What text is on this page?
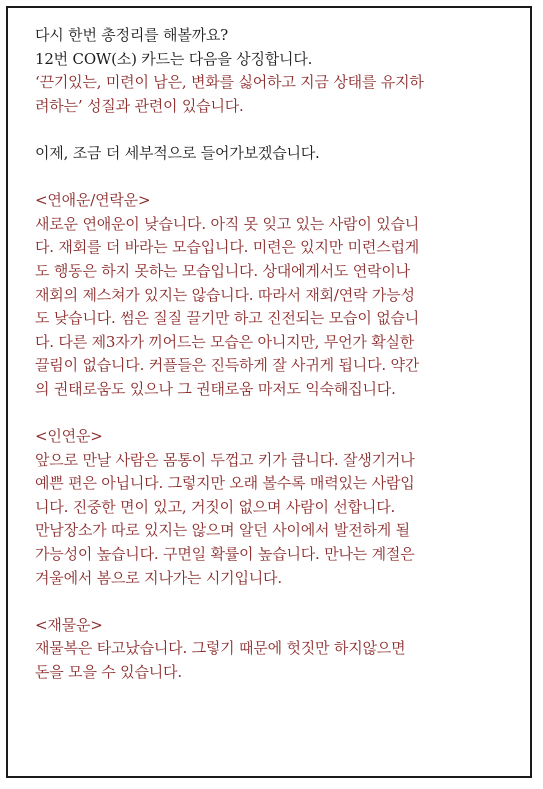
다시 한번 총정리를 해볼까요?

12번 COW(소) 카드는 다음을 상징합니다.

‘끈기있는, 미련이 남은, 변화를 싫어하고 지금 상태를 유지하

려하는’ 성질과 관련이 있습니다.

이제, 조금 더 세부적으로 들어가보겠습니다.

<연애운/연락운>

새로운 연애운이 낮습니다. 아직 못 잊고 있는 사람이 있습니

다. 재회를 더 바라는 모습입니다. 미련은 있지만 미련스럽게

도 행동은 하지 못하는 모습입니다. 상대에게서도 연락이나

재회의 제스쳐가 있지는 않습니다. 따라서 재회/연락 가능성

도 낮습니다. 썸은 질질 끌기만 하고 진전되는 모습이 없습니

다. 다른 제3자가 끼어드는 모습은 아니지만, 무언가 확실한

끌림이 없습니다. 커플들은 진득하게 잘 사귀게 됩니다. 약간

의 권태로움도 있으나 그 권태로움 마저도 익숙해집니다.

<인연운>

앞으로 만날 사람은 몸통이 두껍고 키가 큽니다. 잘생기거나

예쁜 편은 아닙니다. 그렇지만 오래 볼수록 매력있는 사람입

니다. 진중한 면이 있고, 거짓이 없으며 사람이 선합니다.

만남장소가 따로 있지는 않으며 알던 사이에서 발전하게 될

가능성이 높습니다. 구면일 확률이 높습니다. 만나는 계절은

겨울에서 봄으로 지나가는 시기입니다.

<재물운>

재물복은 타고났습니다. 그렇기 때문에 헛짓만 하지않으면

돈을 모을 수 있습니다.
